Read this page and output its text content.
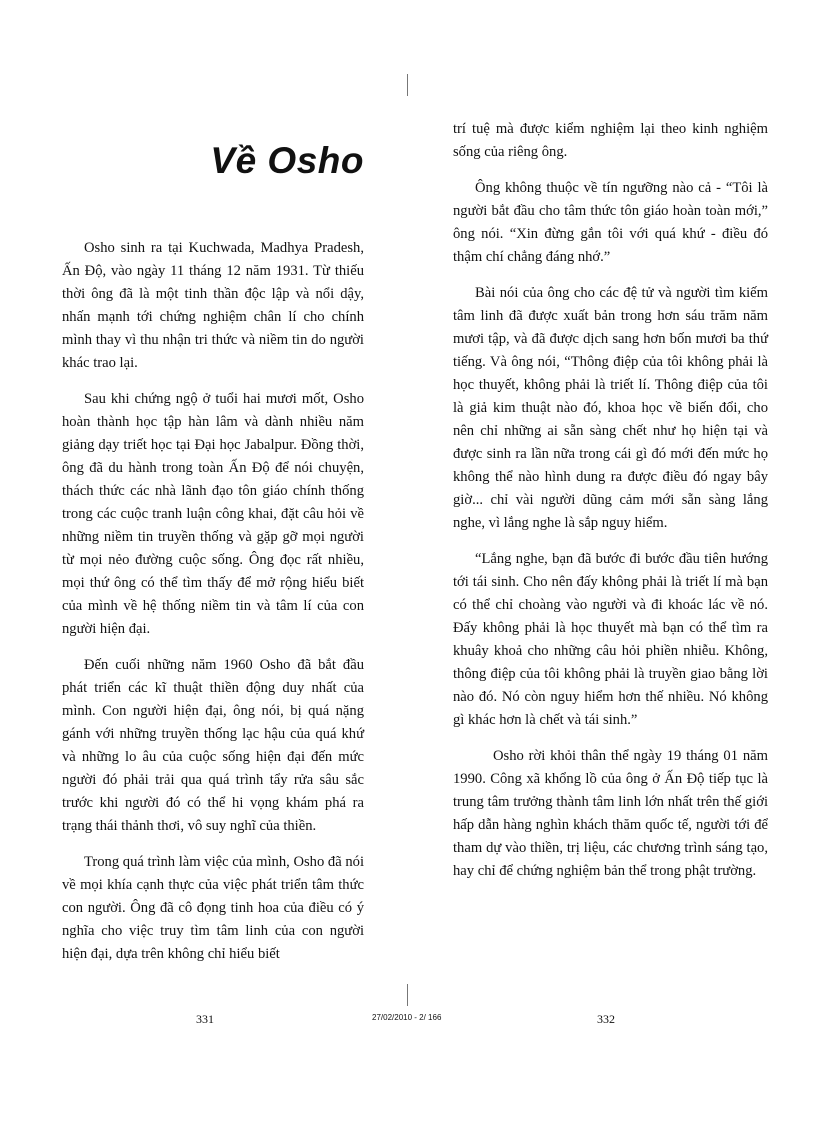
Về Osho

Osho sinh ra tại Kuchwada, Madhya Pradesh, Ấn Độ, vào ngày 11 tháng 12 năm 1931. Từ thiếu thời ông đã là một tinh thần độc lập và nổi dậy, nhấn mạnh tới chứng nghiệm chân lí cho chính mình thay vì thu nhận tri thức và niềm tin do người khác trao lại.

Sau khi chứng ngộ ở tuổi hai mươi mốt, Osho hoàn thành học tập hàn lâm và dành nhiều năm giảng dạy triết học tại Đại học Jabalpur. Đồng thời, ông đã du hành trong toàn Ấn Độ để nói chuyện, thách thức các nhà lãnh đạo tôn giáo chính thống trong các cuộc tranh luận công khai, đặt câu hỏi về những niềm tin truyền thống và gặp gỡ mọi người từ mọi nẻo đường cuộc sống. Ông đọc rất nhiều, mọi thứ ông có thể tìm thấy để mở rộng hiểu biết của mình về hệ thống niềm tin và tâm lí của con người hiện đại.

Đến cuối những năm 1960 Osho đã bắt đầu phát triển các kĩ thuật thiền động duy nhất của mình. Con người hiện đại, ông nói, bị quá nặng gánh với những truyền thống lạc hậu của quá khứ và những lo âu của cuộc sống hiện đại đến mức người đó phải trải qua quá trình tẩy rửa sâu sắc trước khi người đó có thể hi vọng khám phá ra trạng thái thảnh thơi, vô suy nghĩ của thiền.

Trong quá trình làm việc của mình, Osho đã nói về mọi khía cạnh thực của việc phát triển tâm thức con người. Ông đã cô đọng tinh hoa của điều có ý nghĩa cho việc truy tìm tâm linh của con người hiện đại, dựa trên không chỉ hiểu biết

trí tuệ mà được kiểm nghiệm lại theo kinh nghiệm sống của riêng ông.

Ông không thuộc về tín ngưỡng nào cả - “Tôi là người bắt đầu cho tâm thức tôn giáo hoàn toàn mới,” ông nói. “Xin đừng gắn tôi với quá khứ - điều đó thậm chí chẳng đáng nhớ.”

Bài nói của ông cho các đệ tử và người tìm kiếm tâm linh đã được xuất bản trong hơn sáu trăm năm mươi tập, và đã được dịch sang hơn bốn mươi ba thứ tiếng. Và ông nói, “Thông điệp của tôi không phải là học thuyết, không phải là triết lí. Thông điệp của tôi là giả kim thuật nào đó, khoa học về biến đổi, cho nên chỉ những ai sẵn sàng chết như họ hiện tại và được sinh ra lần nữa trong cái gì đó mới đến mức họ không thể nào hình dung ra được điều đó ngay bây giờ... chỉ vài người dũng cảm mới sẵn sàng lắng nghe, vì lắng nghe là sắp nguy hiểm.

“Lắng nghe, bạn đã bước đi bước đầu tiên hướng tới tái sinh. Cho nên đấy không phải là triết lí mà bạn có thể chỉ choàng vào người và đi khoác lác về nó. Đấy không phải là học thuyết mà bạn có thể tìm ra khuây khoả cho những câu hỏi phiền nhiễu. Không, thông điệp của tôi không phải là truyền giao bằng lời nào đó. Nó còn nguy hiểm hơn thế nhiều. Nó không gì khác hơn là chết và tái sinh.”

Osho rời khỏi thân thể ngày 19 tháng 01 năm 1990. Công xã khổng lồ của ông ở Ấn Độ tiếp tục là trung tâm trưởng thành tâm linh lớn nhất trên thế giới hấp dẫn hàng nghìn khách thăm quốc tế, người tới để tham dự vào thiền, trị liệu, các chương trình sáng tạo, hay chỉ để chứng nghiệm bản thể trong phật trường.

331	27/02/2010 - 2/ 166	332
